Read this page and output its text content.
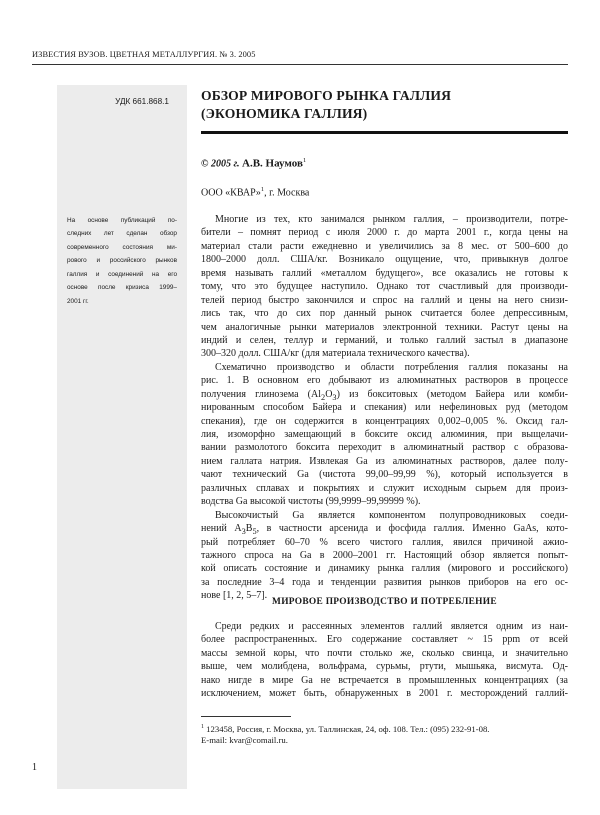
ИЗВЕСТИЯ ВУЗОВ. ЦВЕТНАЯ МЕТАЛЛУРГИЯ. № 3. 2005
УДК 661.868.1
На основе публикаций по-
следних лет сделан обзор
современного состояния ми-
рового и российского рынков
галлия и соединений на его
основе после кризиса 1999–
2001 гг.
ОБЗОР МИРОВОГО РЫНКА ГАЛЛИЯ
(ЭКОНОМИКА ГАЛЛИЯ)
© 2005 г. А.В. Наумов$^1$
ООО «КВАР»$^1$, г. Москва
Многие из тех, кто занимался рынком галлия, – производители, потре-
бители – помнят период с июля 2000 г. до марта 2001 г., когда цены на
материал стали расти ежедневно и увеличились за 8 мес. от 500–600 до
1800–2000 долл. США/кг. Возникало ощущение, что, привыкнув долгое
время называть галлий «металлом будущего», все оказались не готовы к
тому, что это будущее наступило. Однако тот счастливый для производи-
телей период быстро закончился и спрос на галлий и цены на него снизи-
лись так, что до сих пор данный рынок считается более депрессивным,
чем аналогичные рынки материалов электронной техники. Растут цены на
индий и селен, теллур и германий, и только галлий застыл в диапазоне
300–320 долл. США/кг (для материала технического качества).
Схематично производство и области потребления галлия показаны на
рис. 1. В основном его добывают из алюминатных растворов в процессе
получения глинозема $(Al_2O_3)$ из бокситовых (методом Байера или комби-
нированным способом Байера и спекания) или нефелиновых руд (методом
спекания), где он содержится в концентрациях 0,002–0,005 %. Оксид гал-
лия, изоморфно замещающий в боксите оксид алюминия, при выщелачи-
вании размолотого боксита переходит в алюминатный раствор с образова-
нием галлата натрия. Извлекая Ga из алюминатных растворов, далее полу-
чают технический Ga (чистота 99,00–99,99 %), который используется в
различных сплавах и покрытиях и служит исходным сырьем для произ-
водства Ga высокой чистоты (99,9999–99,99999 %).
Высокочистый Ga является компонентом полупроводниковых соеди-
нений $A_3B_5$, в частности арсенида и фосфида галлия. Именно GaAs, кото-
рый потребляет 60–70 % всего чистого галлия, явился причиной ажио-
тажного спроса на Ga в 2000–2001 гг. Настоящий обзор является попыт-
кой описать состояние и динамику рынка галлия (мирового и российского)
за последние 3–4 года и тенденции развития рынков приборов на его ос-
нове [1, 2, 5–7].
МИРОВОЕ ПРОИЗВОДСТВО И ПОТРЕБЛЕНИЕ
Среди редких и рассеянных элементов галлий является одним из наи-
более распространенных. Его содержание составляет ~ 15 ppm от всей
массы земной коры, что почти столько же, сколько свинца, и значительно
выше, чем молибдена, вольфрама, сурьмы, ртути, мышьяка, висмута. Од-
нако нигде в мире Ga не встречается в промышленных концентрациях (за
исключением, может быть, обнаруженных в 2001 г. месторождений галлий-
$^1$ 123458, Россия, г. Москва, ул. Таллинская, 24, оф. 108. Тел.: (095) 232-91-08.
E-mail: kvar@comail.ru.
1
